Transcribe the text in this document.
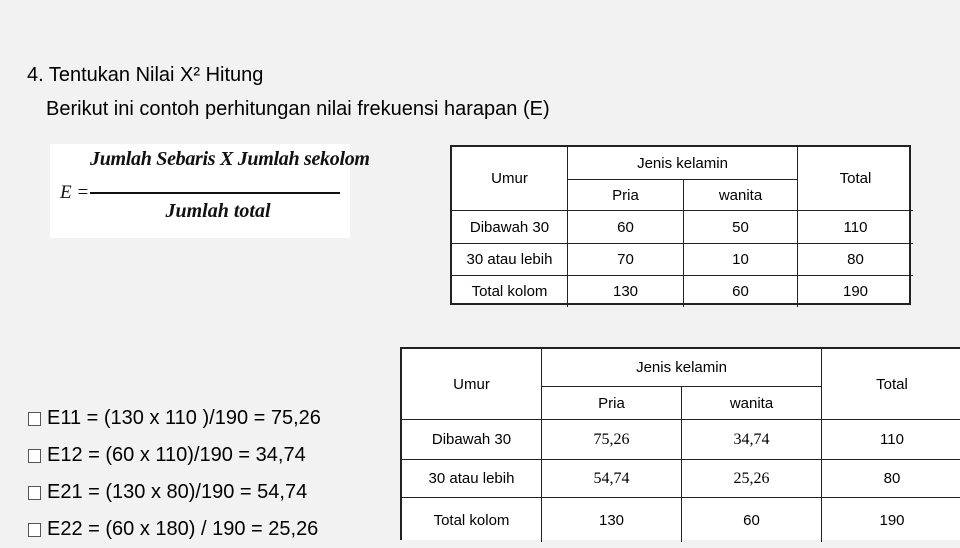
4. Tentukan Nilai X² Hitung
Berikut ini contoh perhitungan nilai frekuensi harapan (E)
E =
Jumlah Sebaris X Jumlah sekolom
Jumlah total
Umur
Jenis kelamin
Total
Pria	wanita
Dibawah 30	60	50	110
30 atau lebih	70	10	80
Total kolom	130	60	190
Umur
Jenis kelamin
Total
Pria	wanita
Dibawah 30	75,26	34,74	110
30 atau lebih	54,74	25,26	80
Total kolom	130	60	190
E11 = (130 x 110 )/190 = 75,26
E12 = (60 x 110)/190 = 34,74
E21 = (130 x 80)/190 = 54,74
E22 = (60 x 180) / 190 = 25,26
